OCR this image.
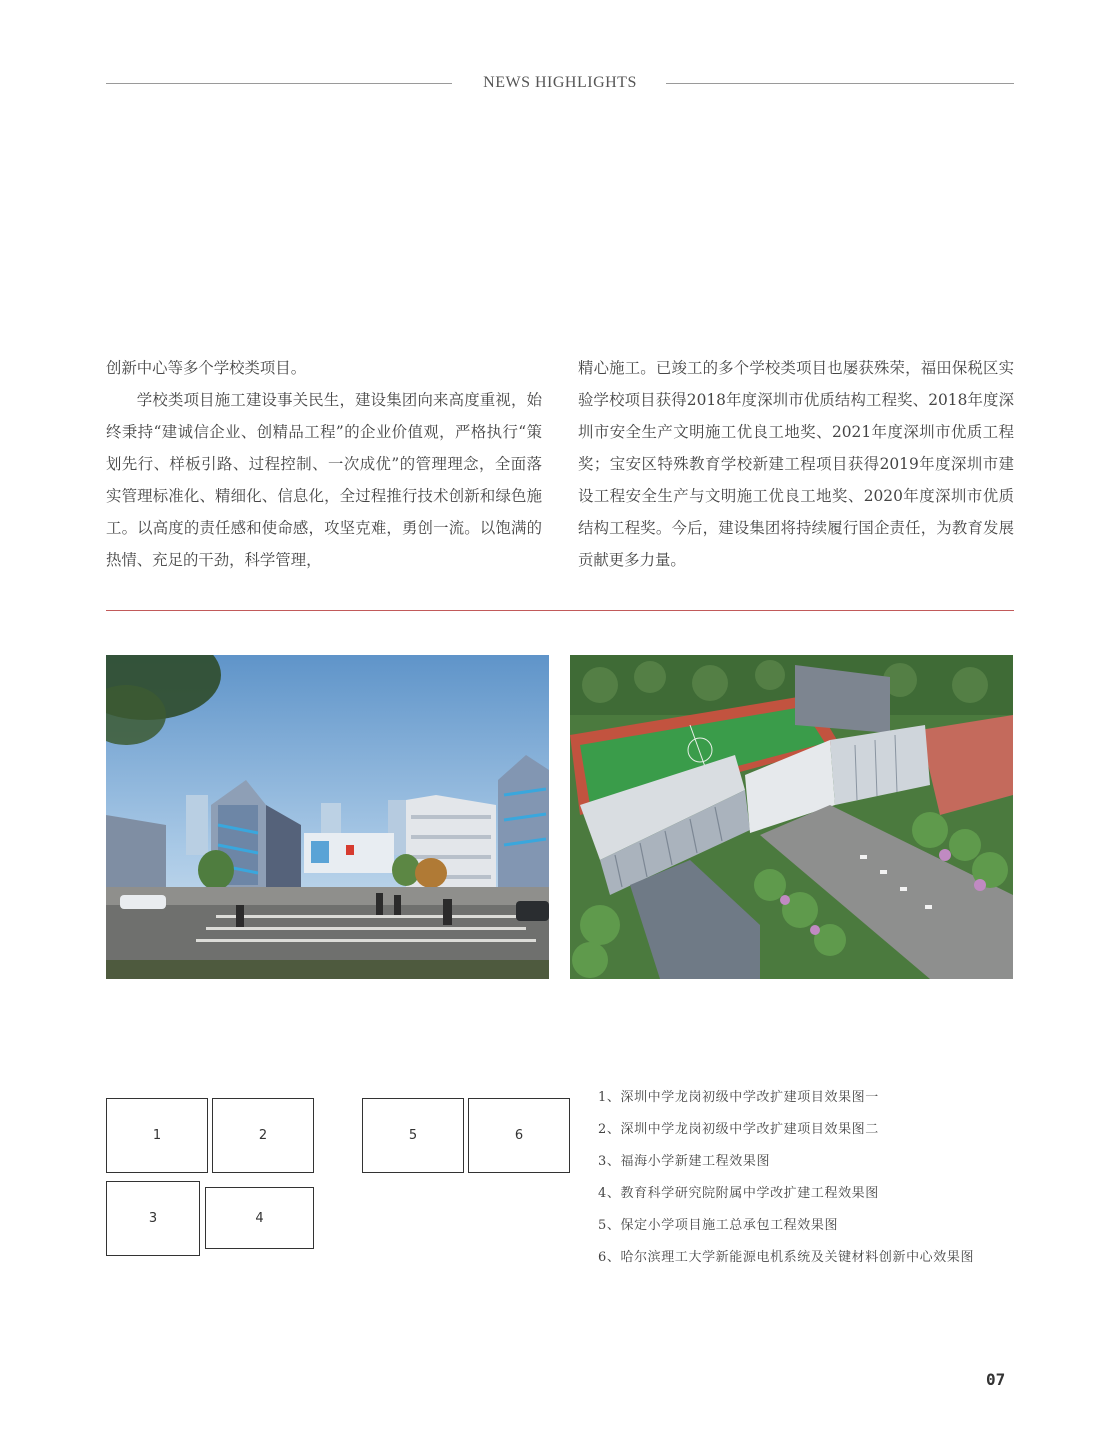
NEWS HIGHLIGHTS

创新中心等多个学校类项目。

学校类项目施工建设事关民生，建设集团向来高度重视，始终秉持“建诚信企业、创精品工程”的企业价值观，严格执行“策划先行、样板引路、过程控制、一次成优”的管理理念，全面落实管理标准化、精细化、信息化，全过程推行技术创新和绿色施工。以高度的责任感和使命感，攻坚克难，勇创一流。以饱满的热情、充足的干劲，科学管理，

精心施工。已竣工的多个学校类项目也屡获殊荣，福田保税区实验学校项目获得2018年度深圳市优质结构工程奖、2018年度深圳市安全生产文明施工优良工地奖、2021年度深圳市优质工程奖；宝安区特殊教育学校新建工程项目获得2019年度深圳市建设工程安全生产与文明施工优良工地奖、2020年度深圳市优质结构工程奖。今后，建设集团将持续履行国企责任，为教育发展贡献更多力量。

1	2
3	4
5	6
1、深圳中学龙岗初级中学改扩建项目效果图一
2、深圳中学龙岗初级中学改扩建项目效果图二
3、福海小学新建工程效果图
4、教育科学研究院附属中学改扩建工程效果图
5、保定小学项目施工总承包工程效果图
6、哈尔滨理工大学新能源电机系统及关键材料创新中心效果图
07
